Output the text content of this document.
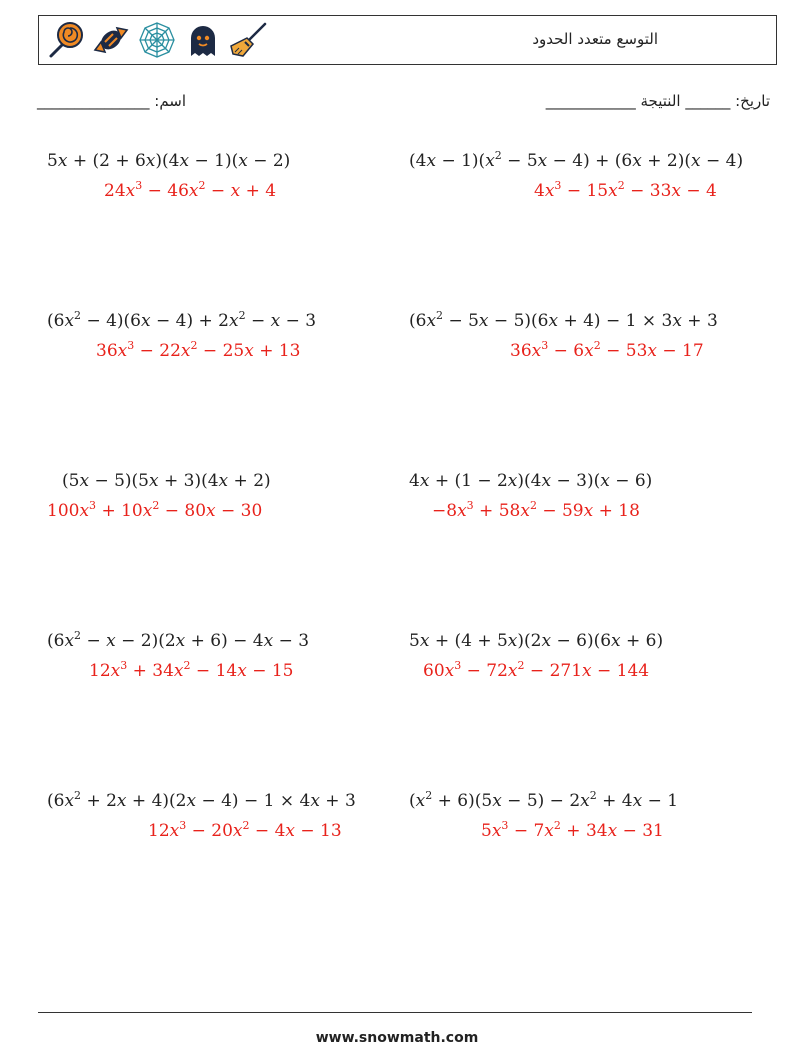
التوسع متعدد الحدود
اسم: _______________	تاريخ: ______ النتيجة ____________
5x + (2 + 6x)(4x − 1)(x − 2)
$24x^3 - 46x^2 - x + 4$
$(4x - 1)(x^2 - 5x - 4) + (6x + 2)(x - 4)$
$4x^3 - 15x^2 - 33x - 4$
$(6x^2 - 4)(6x - 4) + 2x^2 - x - 3$
$36x^3 - 22x^2 - 25x + 13$
$(6x^2 - 5x - 5)(6x + 4) - 1 \times 3x + 3$
$36x^3 - 6x^2 - 53x - 17$
(5x − 5)(5x + 3)(4x + 2)
$100x^3 + 10x^2 - 80x - 30$
4x + (1 − 2x)(4x − 3)(x − 6)
$-8x^3 + 58x^2 - 59x + 18$
$(6x^2 - x - 2)(2x + 6) - 4x - 3$
$12x^3 + 34x^2 - 14x - 15$
5x + (4 + 5x)(2x − 6)(6x + 6)
$60x^3 - 72x^2 - 271x - 144$
$(6x^2 + 2x + 4)(2x - 4) - 1 \times 4x + 3$
$12x^3 - 20x^2 - 4x - 13$
$(x^2 + 6)(5x - 5) - 2x^2 + 4x - 1$
$5x^3 - 7x^2 + 34x - 31$
www.snowmath.com
